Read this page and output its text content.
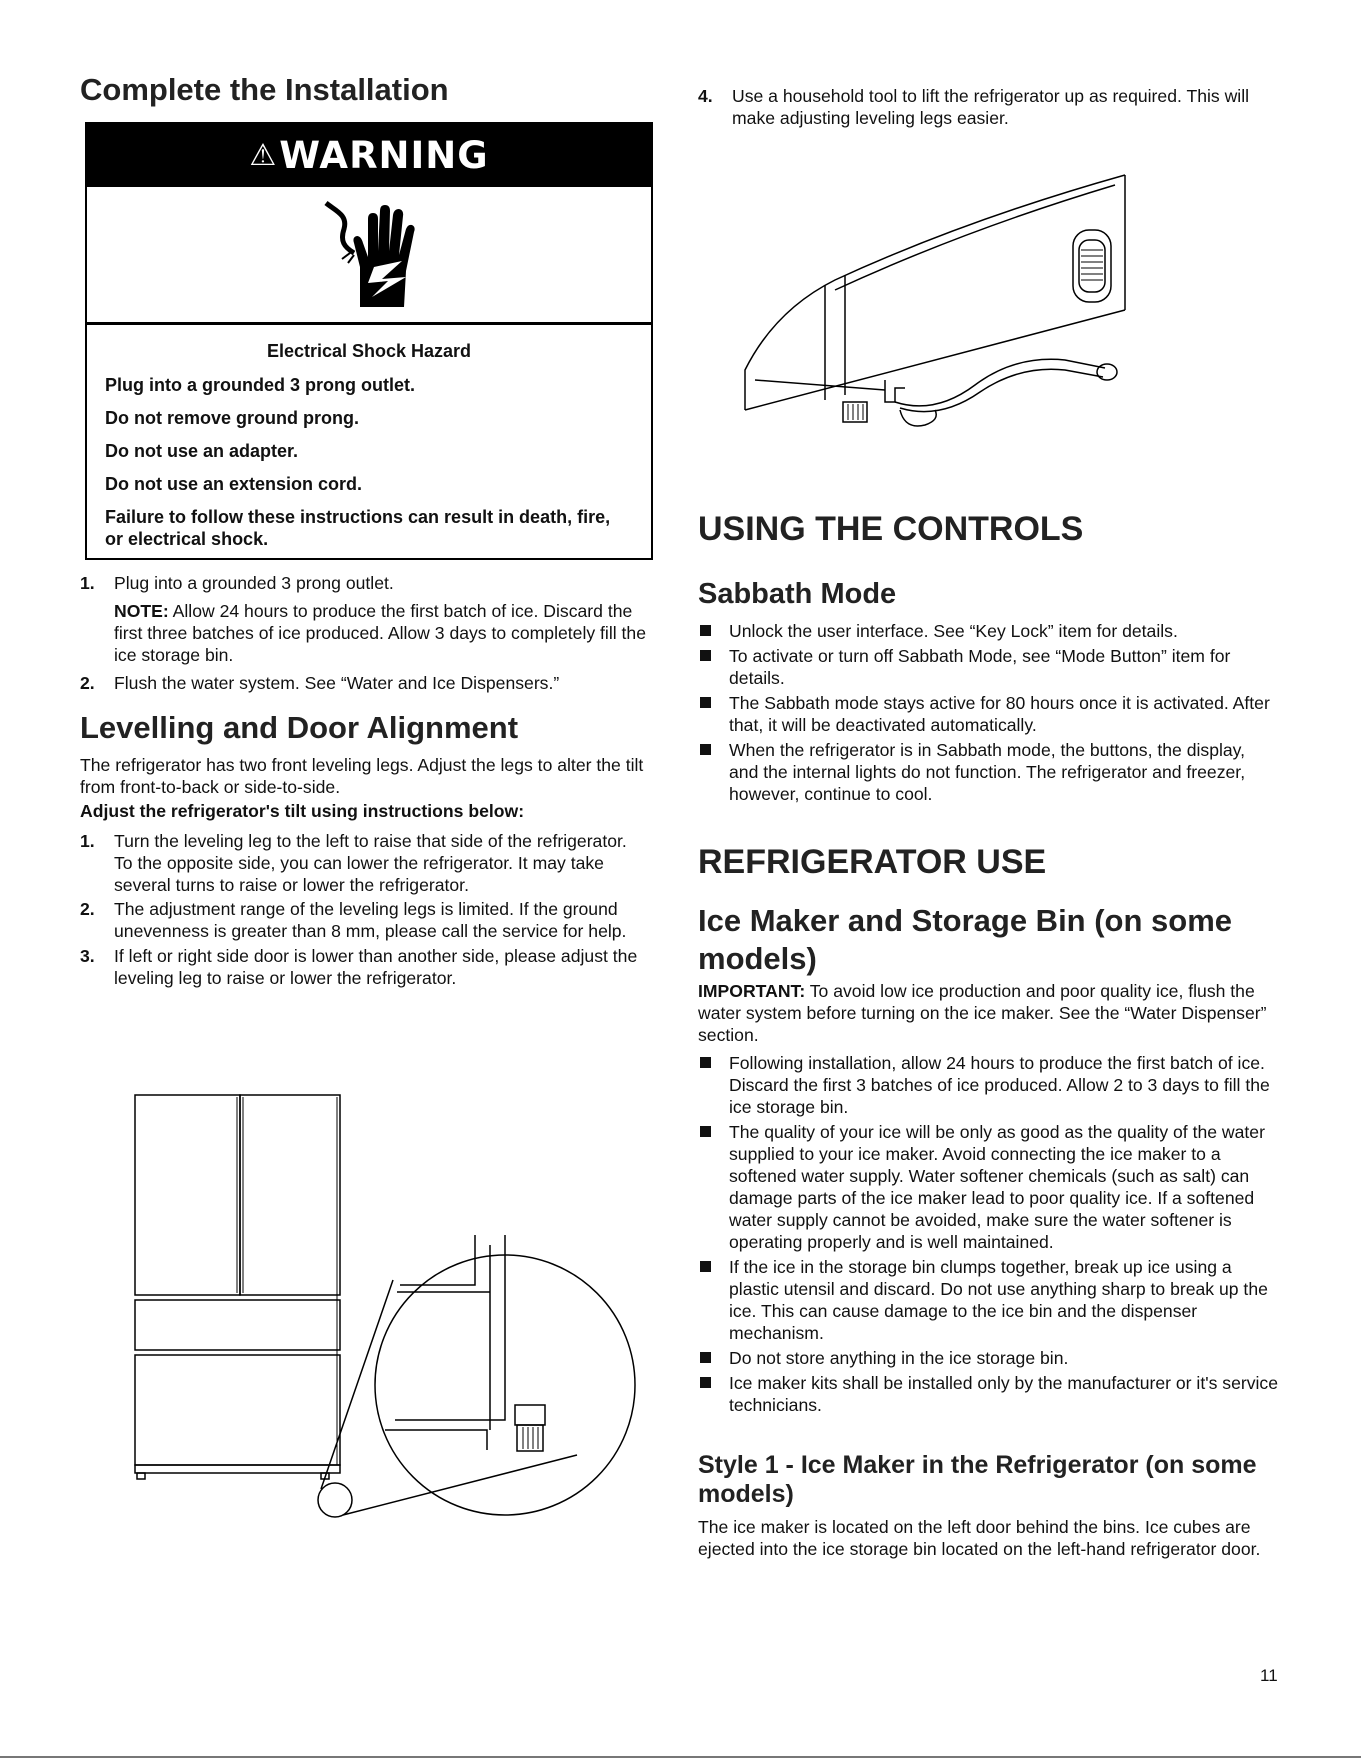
Complete the Installation
⚠ WARNING

Electrical Shock Hazard

Plug into a grounded 3 prong outlet.

Do not remove ground prong.

Do not use an adapter.

Do not use an extension cord.

Failure to follow these instructions can result in death, fire, or electrical shock.

1. Plug into a grounded 3 prong outlet.
NOTE: Allow 24 hours to produce the first batch of ice. Discard the first three batches of ice produced. Allow 3 days to completely fill the ice storage bin.
2. Flush the water system. See “Water and Ice Dispensers.”
Levelling and Door Alignment

The refrigerator has two front leveling legs. Adjust the legs to alter the tilt from front-to-back or side-to-side.

Adjust the refrigerator's tilt using instructions below:

1. Turn the leveling leg to the left to raise that side of the refrigerator. To the opposite side, you can lower the refrigerator. It may take several turns to raise or lower the refrigerator.
2. The adjustment range of the leveling legs is limited. If the ground unevenness is greater than 8 mm, please call the service for help.
3. If left or right side door is lower than another side, please adjust the leveling leg to raise or lower the refrigerator.
4. Use a household tool to lift the refrigerator up as required. This will make adjusting leveling legs easier.
USING THE CONTROLS
Sabbath Mode
Unlock the user interface. See “Key Lock” item for details.
To activate or turn off Sabbath Mode, see “Mode Button” item for details.
The Sabbath mode stays active for 80 hours once it is activated. After that, it will be deactivated automatically.
When the refrigerator is in Sabbath mode, the buttons, the display, and the internal lights do not function. The refrigerator and freezer, however, continue to cool.
REFRIGERATOR USE
Ice Maker and Storage Bin (on some models)

IMPORTANT: To avoid low ice production and poor quality ice, flush the water system before turning on the ice maker. See the “Water Dispenser” section.

Following installation, allow 24 hours to produce the first batch of ice. Discard the first 3 batches of ice produced. Allow 2 to 3 days to fill the ice storage bin.
The quality of your ice will be only as good as the quality of the water supplied to your ice maker. Avoid connecting the ice maker to a softened water supply. Water softener chemicals (such as salt) can damage parts of the ice maker lead to poor quality ice. If a softened water supply cannot be avoided, make sure the water softener is operating properly and is well maintained.
If the ice in the storage bin clumps together, break up ice using a plastic utensil and discard. Do not use anything sharp to break up the ice. This can cause damage to the ice bin and the dispenser mechanism.
Do not store anything in the ice storage bin.
Ice maker kits shall be installed only by the manufacturer or it's service technicians.
Style 1 - Ice Maker in the Refrigerator (on some models)

The ice maker is located on the left door behind the bins. Ice cubes are ejected into the ice storage bin located on the left-hand refrigerator door.

11
